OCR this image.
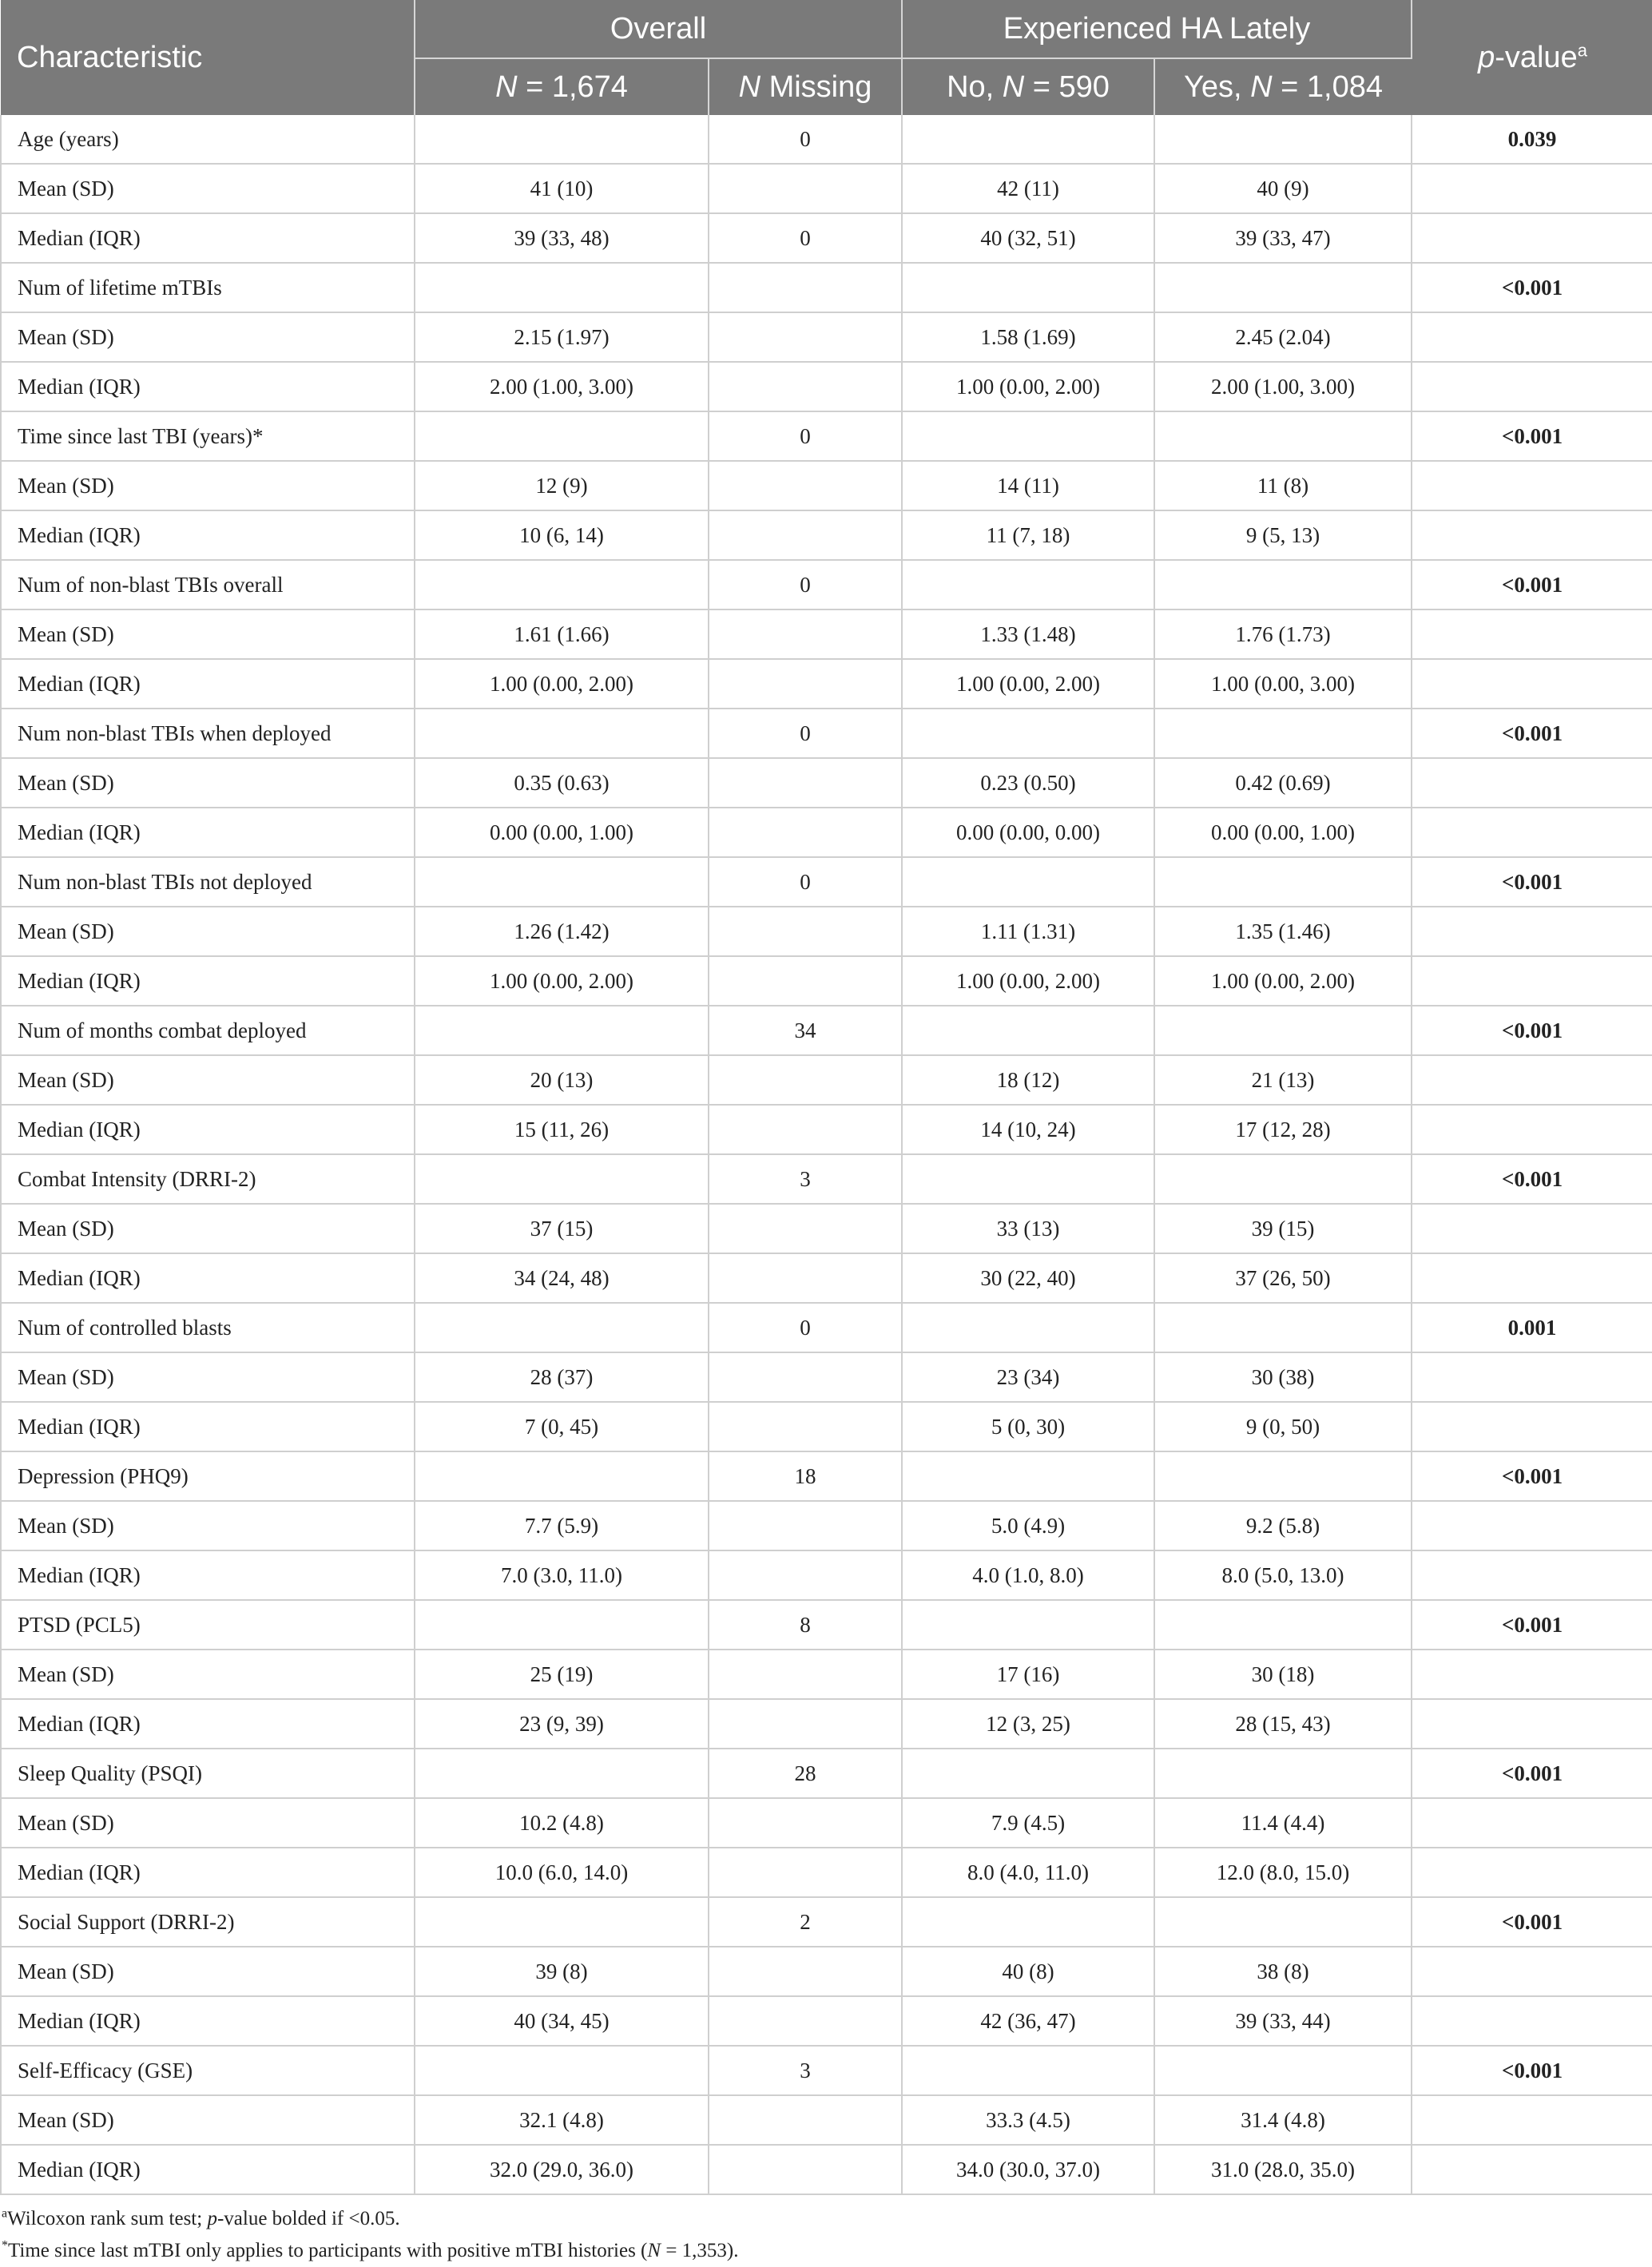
Characteristic	Overall		Experienced HA Lately		p-value$^a$
	N = 1,674	N Missing	No, N = 590	Yes, N = 1,084	
Age (years)		0			0.039
Mean (SD)	41 (10)		42 (11)	40 (9)	
Median (IQR)	39 (33, 48)	0	40 (32, 51)	39 (33, 47)	
Num of lifetime mTBIs					<0.001
Mean (SD)	2.15 (1.97)		1.58 (1.69)	2.45 (2.04)	
Median (IQR)	2.00 (1.00, 3.00)		1.00 (0.00, 2.00)	2.00 (1.00, 3.00)	
Time since last TBI (years)*		0			<0.001
Mean (SD)	12 (9)		14 (11)	11 (8)	
Median (IQR)	10 (6, 14)		11 (7, 18)	9 (5, 13)	
Num of non-blast TBIs overall		0			<0.001
Mean (SD)	1.61 (1.66)		1.33 (1.48)	1.76 (1.73)	
Median (IQR)	1.00 (0.00, 2.00)		1.00 (0.00, 2.00)	1.00 (0.00, 3.00)	
Num non-blast TBIs when deployed		0			<0.001
Mean (SD)	0.35 (0.63)		0.23 (0.50)	0.42 (0.69)	
Median (IQR)	0.00 (0.00, 1.00)		0.00 (0.00, 0.00)	0.00 (0.00, 1.00)	
Num non-blast TBIs not deployed		0			<0.001
Mean (SD)	1.26 (1.42)		1.11 (1.31)	1.35 (1.46)	
Median (IQR)	1.00 (0.00, 2.00)		1.00 (0.00, 2.00)	1.00 (0.00, 2.00)	
Num of months combat deployed		34			<0.001
Mean (SD)	20 (13)		18 (12)	21 (13)	
Median (IQR)	15 (11, 26)		14 (10, 24)	17 (12, 28)	
Combat Intensity (DRRI-2)		3			<0.001
Mean (SD)	37 (15)		33 (13)	39 (15)	
Median (IQR)	34 (24, 48)		30 (22, 40)	37 (26, 50)	
Num of controlled blasts		0			0.001
Mean (SD)	28 (37)		23 (34)	30 (38)	
Median (IQR)	7 (0, 45)		5 (0, 30)	9 (0, 50)	
Depression (PHQ9)		18			<0.001
Mean (SD)	7.7 (5.9)		5.0 (4.9)	9.2 (5.8)	
Median (IQR)	7.0 (3.0, 11.0)		4.0 (1.0, 8.0)	8.0 (5.0, 13.0)	
PTSD (PCL5)		8			<0.001
Mean (SD)	25 (19)		17 (16)	30 (18)	
Median (IQR)	23 (9, 39)		12 (3, 25)	28 (15, 43)	
Sleep Quality (PSQI)		28			<0.001
Mean (SD)	10.2 (4.8)		7.9 (4.5)	11.4 (4.4)	
Median (IQR)	10.0 (6.0, 14.0)		8.0 (4.0, 11.0)	12.0 (8.0, 15.0)	
Social Support (DRRI-2)		2			<0.001
Mean (SD)	39 (8)		40 (8)	38 (8)	
Median (IQR)	40 (34, 45)		42 (36, 47)	39 (33, 44)	
Self-Efficacy (GSE)		3			<0.001
Mean (SD)	32.1 (4.8)		33.3 (4.5)	31.4 (4.8)	
Median (IQR)	32.0 (29.0, 36.0)		34.0 (30.0, 37.0)	31.0 (28.0, 35.0)	
$^a$Wilcoxon rank sum test; p-value bolded if <0.05.
*Time since last mTBI only applies to participants with positive mTBI histories (N = 1,353).
